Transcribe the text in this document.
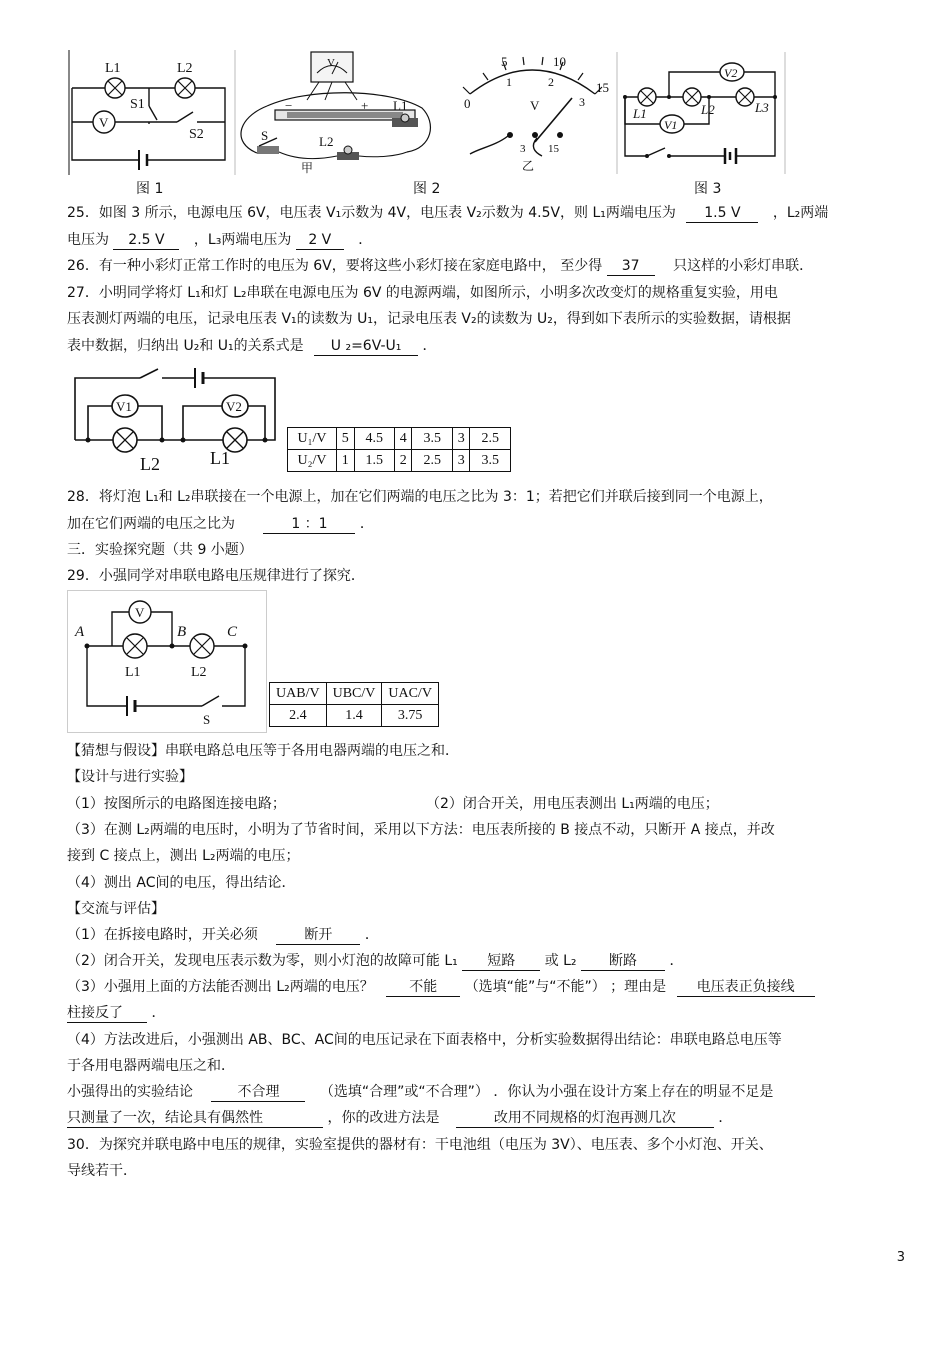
L1	L2
S1
V
S2
图 1
V
−	+ L1
S	L2
甲
0
5	10
15
1	2
3
V
3 15
乙
图 2
V2
L1
V1
L2	L3
图 3
25．如图 3 所示，电源电压 6V，电压表 V₁示数为 4V，电压表 V₂示数为 4.5V，则 L₁两端电压为 1.5 V ，L₂两端
电压为 2.5 V ，L₃两端电压为 2 V ．
26．有一种小彩灯正常工作时的电压为 6V，要将这些小彩灯接在家庭电路中， 至少得 37 只这样的小彩灯串联．
27．小明同学将灯 L₁和灯 L₂串联在电源电压为 6V 的电源两端，如图所示，小明多次改变灯的规格重复实验，用电
压表测灯两端的电压，记录电压表 V₁的读数为 U₁，记录电压表 V₂的读数为 U₂，得到如下表所示的实验数据，请根据
表中数据，归纳出 U₂和 U₁的关系式是 U ₂=6V-U₁ ．
V1	V2
L2	L1
U₁/V	5	4.5	4	3.5	3	2.5
U₂/V	1	1.5	2	2.5	3	3.5
28．将灯泡 L₁和 L₂串联接在一个电源上，加在它们两端的电压之比为 3：1；若把它们并联后接到同一个电源上，
加在它们两端的电压之比为	1 ：1 ．
三．实验探究题（共 9 小题）
29．小强同学对串联电路电压规律进行了探究．
V
A	B	C
L1	L2
S
UAB/V	UBC/V	UAC/V
2.4	1.4	3.75
【猜想与假设】串联电路总电压等于各用电器两端的电压之和．
【设计与进行实验】
（1）按图所示的电路图连接电路；	（2）闭合开关，用电压表测出 L₁两端的电压；
（3）在测 L₂两端的电压时，小明为了节省时间，采用以下方法：电压表所接的 B 接点不动，只断开 A 接点，并改
接到 C 接点上，测出 L₂两端的电压；
（4）测出 AC间的电压，得出结论．
【交流与评估】
（1）在拆接电路时，开关必须	断开 ．
（2）闭合开关，发现电压表示数为零，则小灯泡的故障可能 L₁ 短路 或 L₂ 断路 ．
（3）小强用上面的方法能否测出 L₂两端的电压？	不能 （选填“能”与“不能”） ；理由是 电压表正负接线
柱接反了 ．
（4）方法改进后，小强测出 AB、BC、AC间的电压记录在下面表格中，分析实验数据得出结论：串联电路总电压等
于各用电器两端电压之和．
小强得出的实验结论	不合理	（选填“合理”或“不合理”） ．你认为小强在设计方案上存在的明显不足是
只测量了一次，结论具有偶然性	，你的改进方法是	改用不同规格的灯泡再测几次	．
30．为探究并联电路中电压的规律，实验室提供的器材有：干电池组（电压为 3V）、电压表、多个小灯泡、开关、
导线若干．
3
